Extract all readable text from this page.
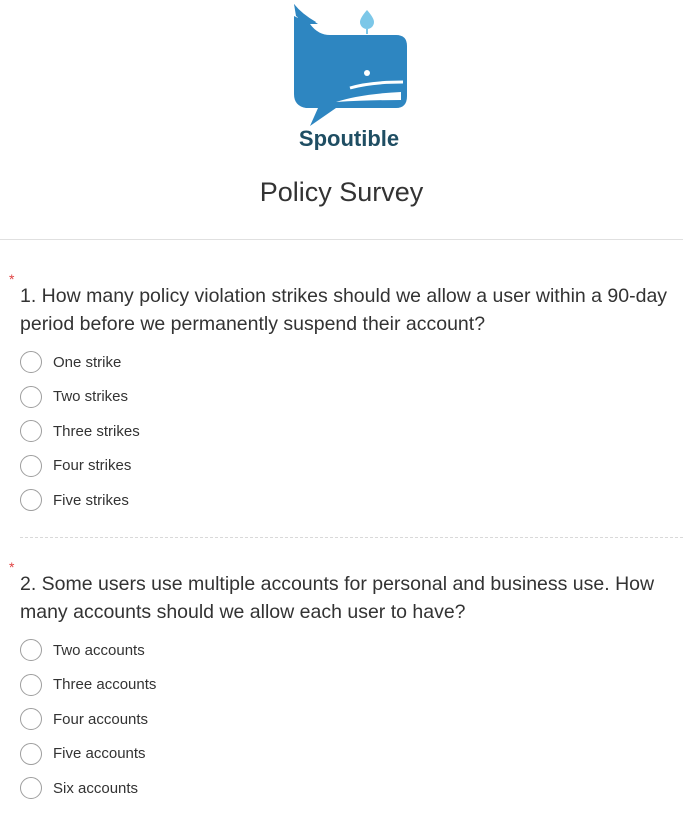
Spoutible
Policy Survey
*
1. How many policy violation strikes should we allow a user within a 90-day period before we permanently suspend their account?
One strike
Two strikes
Three strikes
Four strikes
Five strikes
*
2. Some users use multiple accounts for personal and business use. How many accounts should we allow each user to have?
Two accounts
Three accounts
Four accounts
Five accounts
Six accounts
